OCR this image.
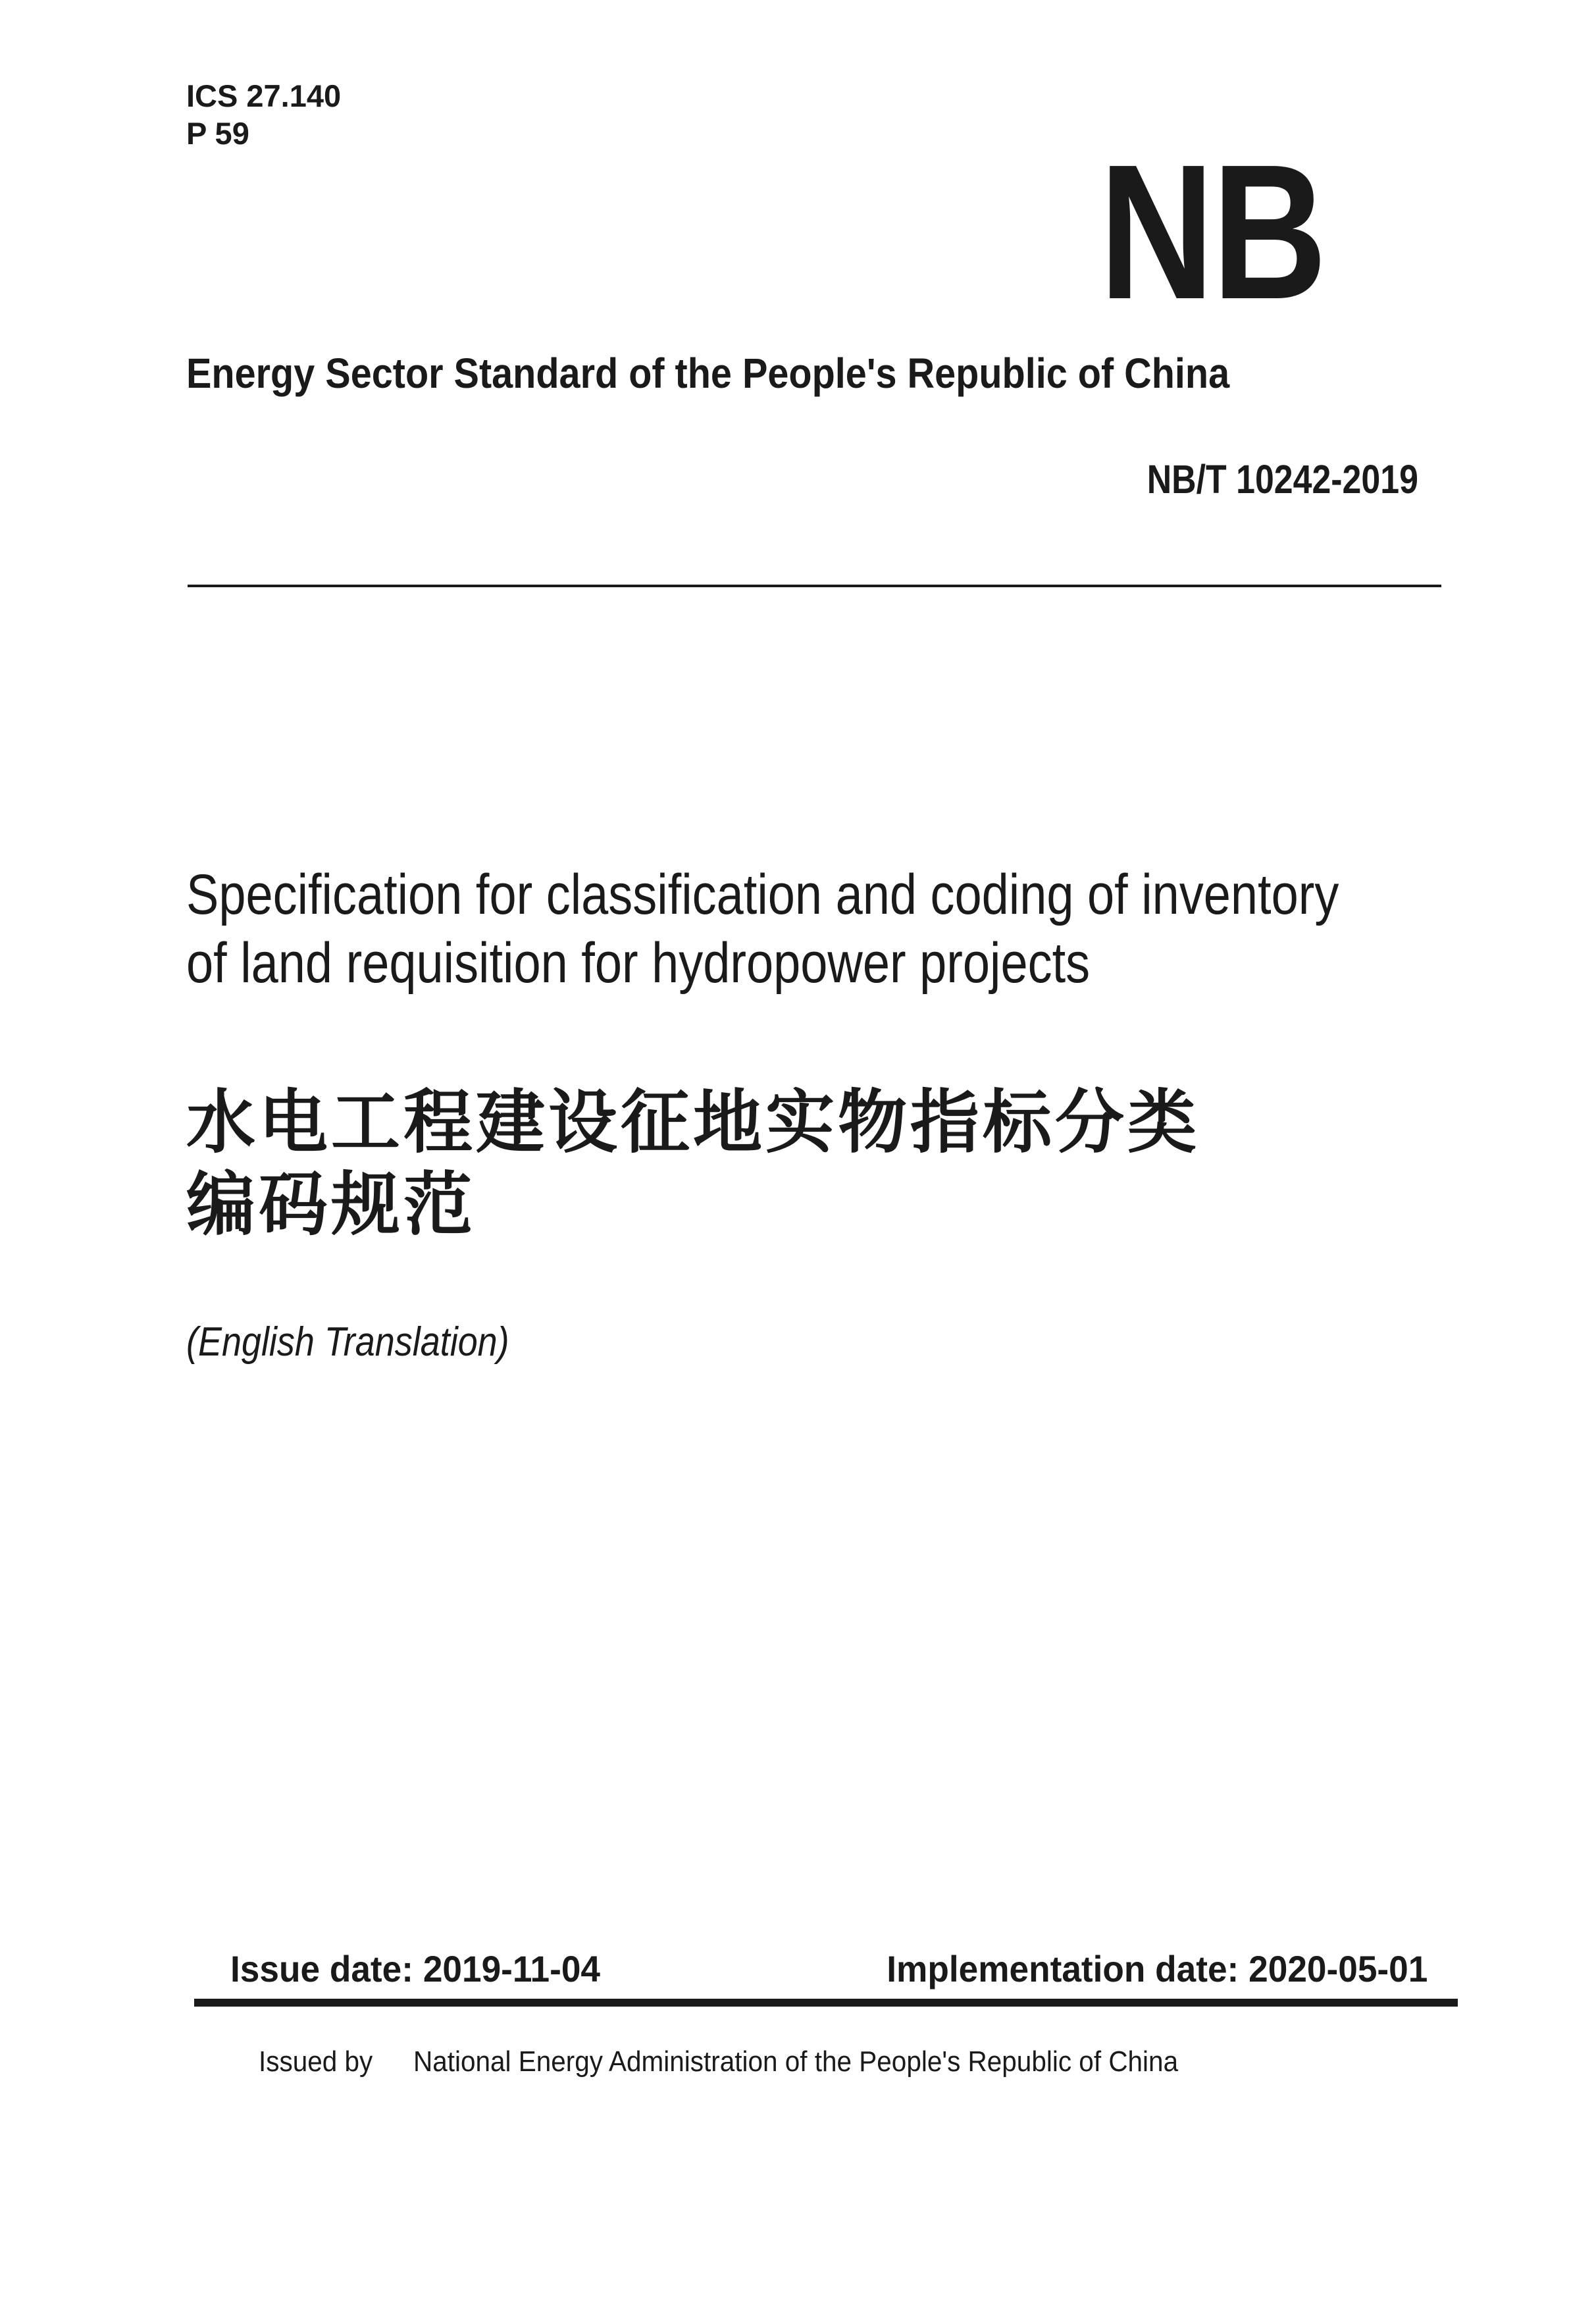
ICS 27.140
P 59	NB
Energy Sector Standard of the People's Republic of China
NB/T 10242-2019
Specification for classification and coding of inventory
of land requisition for hydropower projects
水电工程建设征地实物指标分类
编码规范
(English Translation)
Issue date: 2019-11-04	Implementation date: 2020-05-01
Issued by	National Energy Administration of the People's Republic of China
